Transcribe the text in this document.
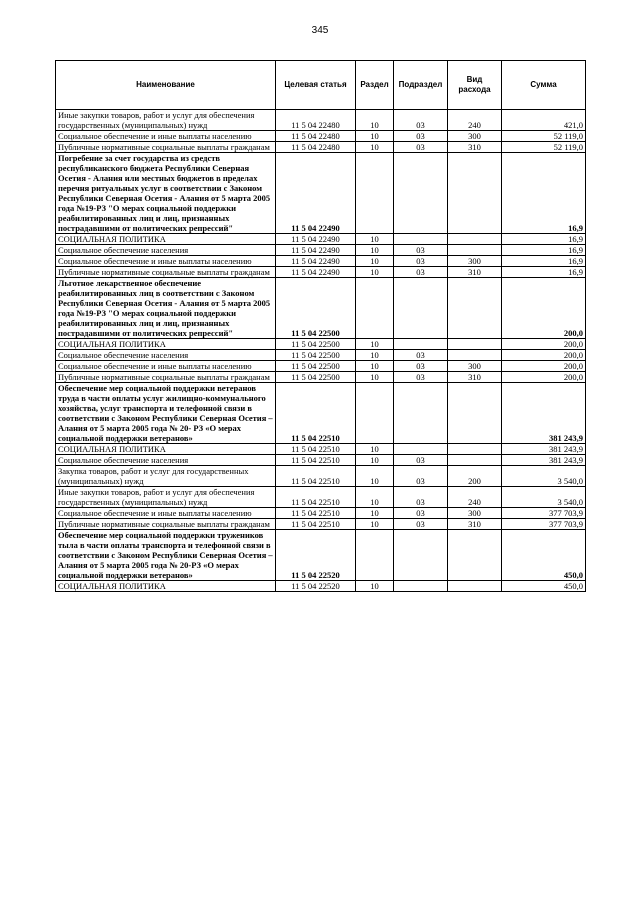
345
Наименование	Целевая статья	Раздел	Подраздел	Вид расхода	Сумма
Иные закупки товаров, работ и услуг для обеспечения государственных (муниципальных) нужд	11 5 04 22480	10	03	240	421,0
Социальное обеспечение и иные выплаты населению	11 5 04 22480	10	03	300	52 119,0
Публичные нормативные социальные выплаты гражданам	11 5 04 22480	10	03	310	52 119,0
Погребение за счет государства из средств республиканского бюджета Республики Северная Осетия - Алания или местных бюджетов в пределах перечня ритуальных услуг в соответствии с Законом Республики Северная Осетия - Алания от 5 марта 2005 года №19-РЗ "О мерах социальной поддержки реабилитированных лиц и лиц, признанных пострадавшими от политических репрессий"	11 5 04 22490				16,9
СОЦИАЛЬНАЯ ПОЛИТИКА	11 5 04 22490	10			16,9
Социальное обеспечение населения	11 5 04 22490	10	03		16,9
Социальное обеспечение и иные выплаты населению	11 5 04 22490	10	03	300	16,9
Публичные нормативные социальные выплаты гражданам	11 5 04 22490	10	03	310	16,9
Льготное лекарственное обеспечение реабилитированных лиц в соответствии с Законом Республики Северная Осетия - Алания от 5 марта 2005 года №19-РЗ "О мерах социальной поддержки реабилитированных лиц и лиц, признанных пострадавшими от политических репрессий"	11 5 04 22500				200,0
СОЦИАЛЬНАЯ ПОЛИТИКА	11 5 04 22500	10			200,0
Социальное обеспечение населения	11 5 04 22500	10	03		200,0
Социальное обеспечение и иные выплаты населению	11 5 04 22500	10	03	300	200,0
Публичные нормативные социальные выплаты гражданам	11 5 04 22500	10	03	310	200,0
Обеспечение мер социальной поддержки ветеранов труда в части оплаты услуг жилищно-коммунального хозяйства, услуг транспорта и телефонной связи в соответствии с Законом Республики Северная Осетия – Алания от 5 марта 2005 года № 20- РЗ «О мерах социальной поддержки ветеранов»	11 5 04 22510				381 243,9
СОЦИАЛЬНАЯ ПОЛИТИКА	11 5 04 22510	10			381 243,9
Социальное обеспечение населения	11 5 04 22510	10	03		381 243,9
Закупка товаров, работ и услуг для государственных (муниципальных) нужд	11 5 04 22510	10	03	200	3 540,0
Иные закупки товаров, работ и услуг для обеспечения государственных (муниципальных) нужд	11 5 04 22510	10	03	240	3 540,0
Социальное обеспечение и иные выплаты населению	11 5 04 22510	10	03	300	377 703,9
Публичные нормативные социальные выплаты гражданам	11 5 04 22510	10	03	310	377 703,9
Обеспечение мер социальной поддержки тружеников тыла в части оплаты транспорта и телефонной связи в соответствии с Законом Республики Северная Осетия – Алания от 5 марта 2005 года № 20-РЗ «О мерах социальной поддержки ветеранов»	11 5 04 22520				450,0
СОЦИАЛЬНАЯ ПОЛИТИКА	11 5 04 22520	10			450,0
